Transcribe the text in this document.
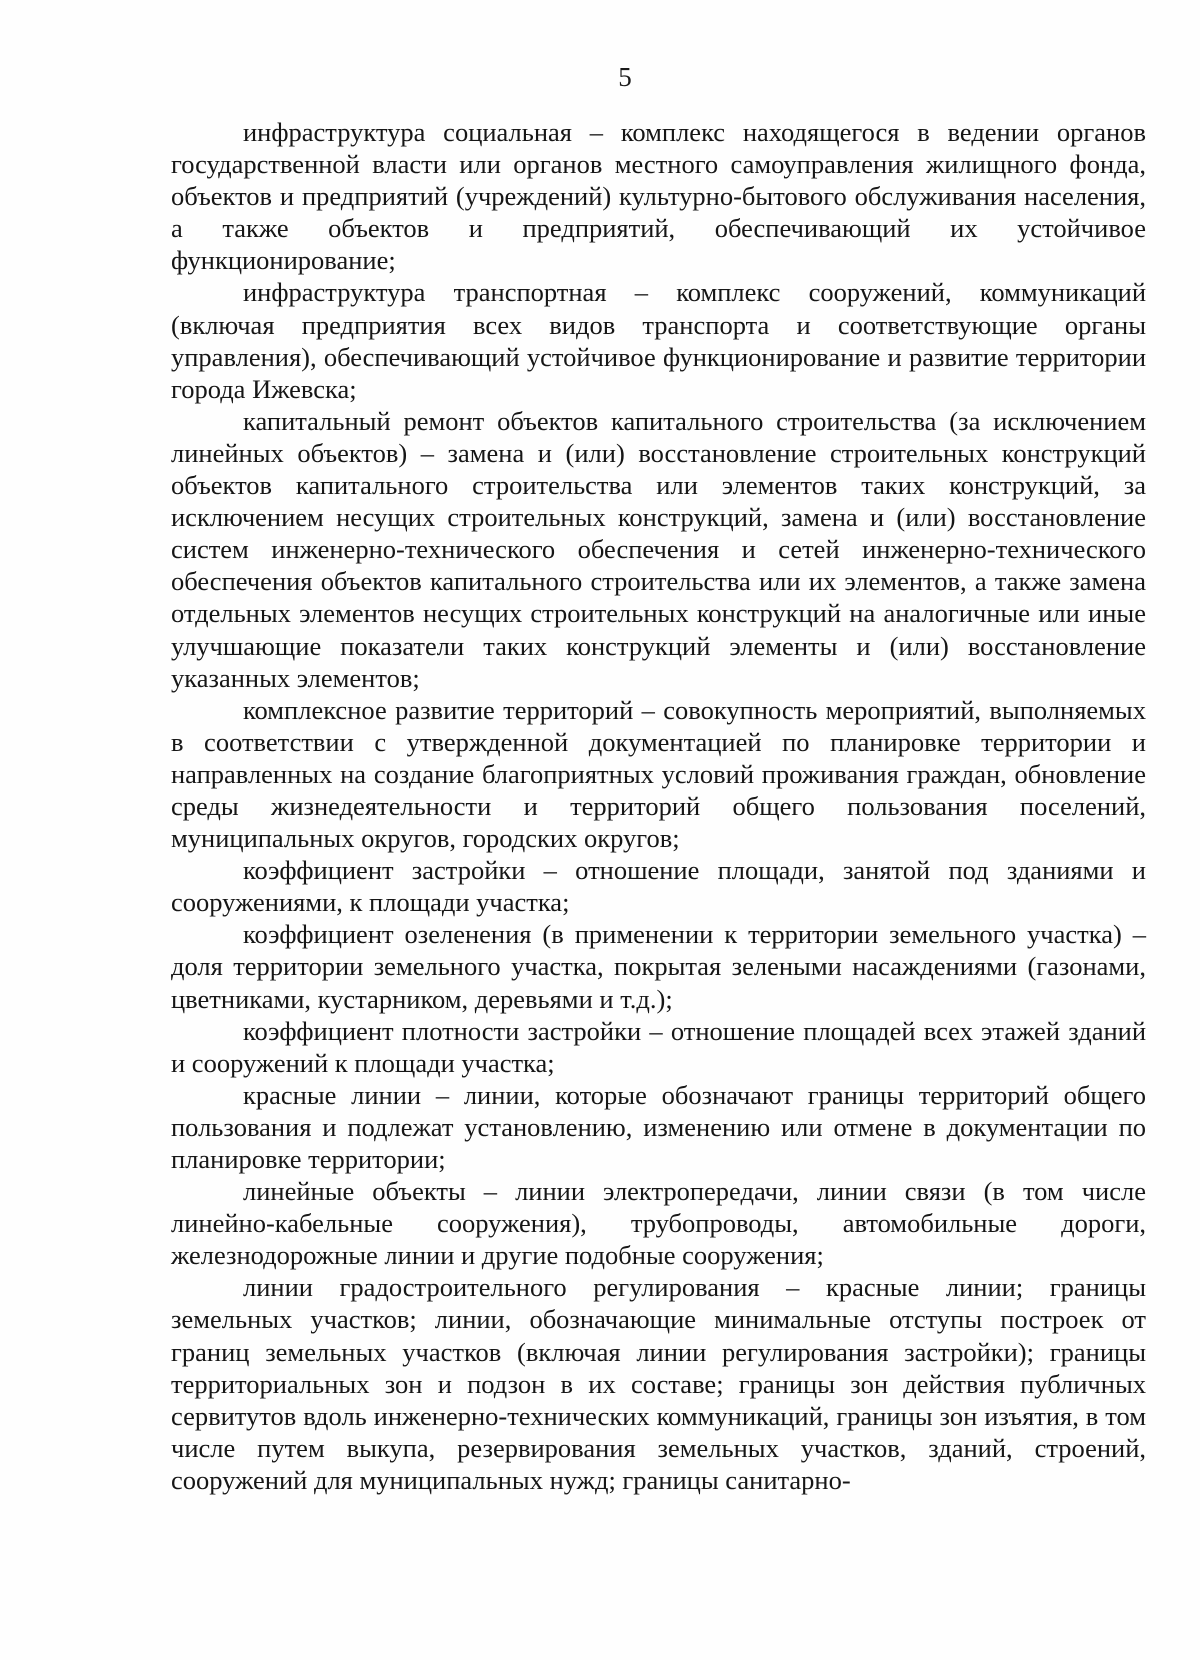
5

инфраструктура социальная – комплекс находящегося в ведении органов государственной власти или органов местного самоуправления жилищного фонда, объектов и предприятий (учреждений) культурно-бытового обслуживания населения, а также объектов и предприятий, обеспечивающий их устойчивое функционирование;

инфраструктура транспортная – комплекс сооружений, коммуникаций (включая предприятия всех видов транспорта и соответствующие органы управления), обеспечивающий устойчивое функционирование и развитие территории города Ижевска;

капитальный ремонт объектов капитального строительства (за исключением линейных объектов) – замена и (или) восстановление строительных конструкций объектов капитального строительства или элементов таких конструкций, за исключением несущих строительных конструкций, замена и (или) восстановление систем инженерно-технического обеспечения и сетей инженерно-технического обеспечения объектов капитального строительства или их элементов, а также замена отдельных элементов несущих строительных конструкций на аналогичные или иные улучшающие показатели таких конструкций элементы и (или) восстановление указанных элементов;

комплексное развитие территорий – совокупность мероприятий, выполняемых в соответствии с утвержденной документацией по планировке территории и направленных на создание благоприятных условий проживания граждан, обновление среды жизнедеятельности и территорий общего пользования поселений, муниципальных округов, городских округов;

коэффициент застройки – отношение площади, занятой под зданиями и сооружениями, к площади участка;

коэффициент озеленения (в применении к территории земельного участка) – доля территории земельного участка, покрытая зелеными насаждениями (газонами, цветниками, кустарником, деревьями и т.д.);

коэффициент плотности застройки – отношение площадей всех этажей зданий и сооружений к площади участка;

красные линии – линии, которые обозначают границы территорий общего пользования и подлежат установлению, изменению или отмене в документации по планировке территории;

линейные объекты – линии электропередачи, линии связи (в том числе линейно-кабельные сооружения), трубопроводы, автомобильные дороги, железнодорожные линии и другие подобные сооружения;

линии градостроительного регулирования – красные линии; границы земельных участков; линии, обозначающие минимальные отступы построек от границ земельных участков (включая линии регулирования застройки); границы территориальных зон и подзон в их составе; границы зон действия публичных сервитутов вдоль инженерно-технических коммуникаций, границы зон изъятия, в том числе путем выкупа, резервирования земельных участков, зданий, строений, сооружений для муниципальных нужд; границы санитарно-
